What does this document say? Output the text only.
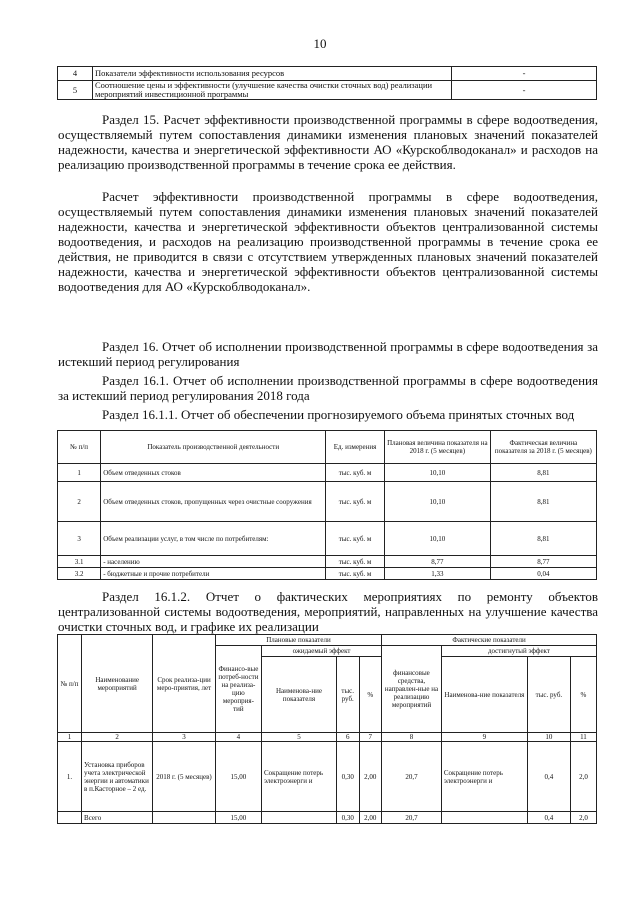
10
4	Показатели эффективности использования ресурсов	-
5	Соотношение цены и эффективности (улучшение качества очистки сточных вод) реализации мероприятий инвестиционной программы	-

Раздел 15. Расчет эффективности производственной программы в сфере водоотведения, осуществляемый путем сопоставления динамики изменения плановых значений показателей надежности, качества и энергетической эффективности АО «Курскоблводоканал» и расходов на реализацию производственной программы в течение срока ее действия.

Расчет эффективности производственной программы в сфере водоотведения, осуществляемый путем сопоставления динамики изменения плановых значений показателей надежности, качества и энергетической эффективности объектов централизованной системы водоотведения, и расходов на реализацию производственной программы в течение срока ее действия, не приводится в связи с отсутствием утвержденных плановых значений показателей надежности, качества и энергетической эффективности объектов централизованной системы водоотведения для АО «Курскоблводоканал».

Раздел 16. Отчет об исполнении производственной программы в сфере водоотведения за истекший период регулирования

Раздел 16.1. Отчет об исполнении производственной программы в сфере водоотведения за истекший период регулирования 2018 года

Раздел 16.1.1. Отчет об обеспечении прогнозируемого объема принятых сточных вод

№ п/п	Показатель производственной деятельности	Ед. измерения	Плановая величина показателя на 2018 г. (5 месяцев)	Фактическая величина показателя за 2018 г. (5 месяцев)
1	Объем отведенных стоков	тыс. куб. м	10,10	8,81
2	Объем отведенных стоков, пропущенных через очистные сооружения	тыс. куб. м	10,10	8,81
3	Объем реализации услуг, в том числе по потребителям:	тыс. куб. м	10,10	8,81
3.1	- населению	тыс. куб. м	8,77	8,77
3.2	- бюджетные и прочие потребители	тыс. куб. м	1,33	0,04

Раздел 16.1.2. Отчет о фактических мероприятиях по ремонту объектов централизованной системы водоотведения, мероприятий, направленных на улучшение качества очистки сточных вод, и графике их реализации

№ п/п	Наименование мероприятий	Срок реализа-ции меро-приятия, лет	Плановые показатели				Фактические показатели			
			Финансо-вые потреб-ности на реализа-цию мероприя-тий	ожидаемый эффект			финансовые средства, направлен-ные на реализацию мероприятий	достигнутый эффект		
				Наименова-ние показателя	тыс. руб.	%		Наименова-ние показателя	тыс. руб.	%
1	2	3	4	5	6	7	8	9	10	11
1.	Установка приборов учета электрической энергии и автоматики в п.Касторное – 2 ед.	2018 г. (5 месяцев)	15,00	Сокращение потерь электроэнерги и	0,30	2,00	20,7	Сокращение потерь электроэнерги и	0,4	2,0
	Всего		15,00		0,30	2,00	20,7		0,4	2,0
